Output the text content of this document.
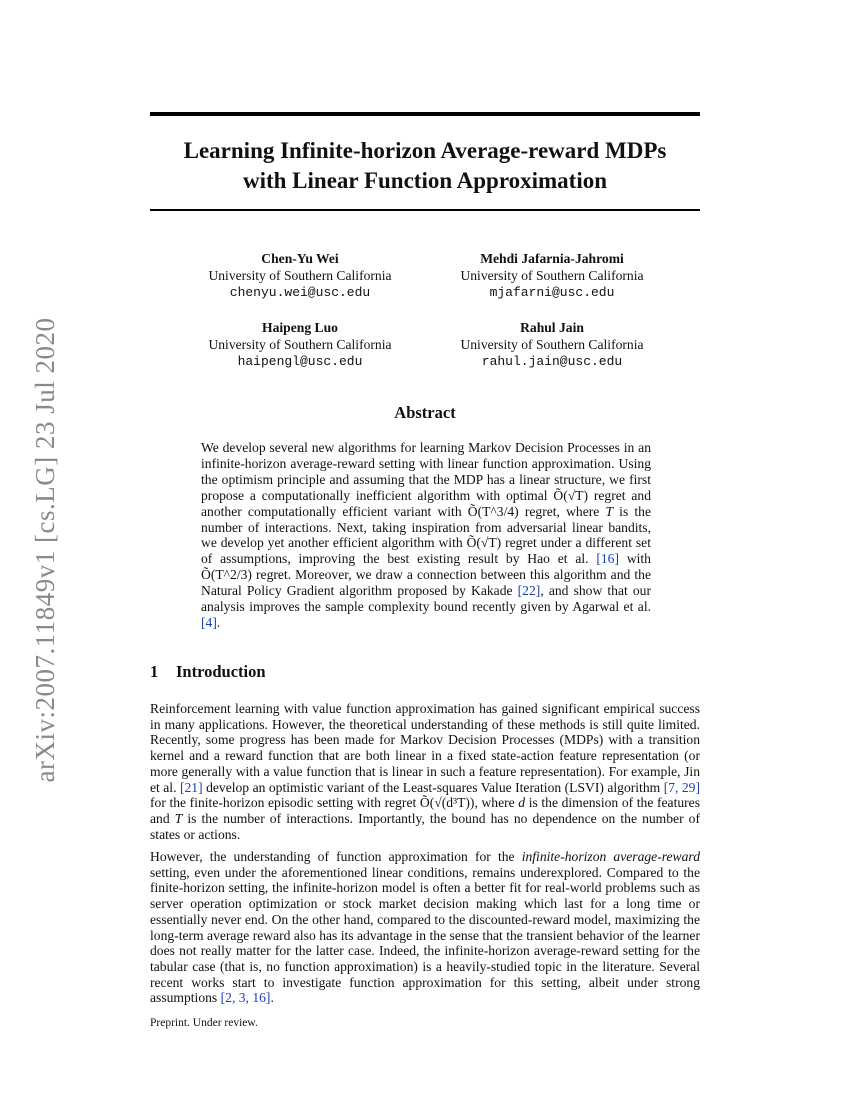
arXiv:2007.11849v1 [cs.LG] 23 Jul 2020
Learning Infinite-horizon Average-reward MDPs
with Linear Function Approximation
Chen-Yu Wei
University of Southern California
chenyu.wei@usc.edu
Mehdi Jafarnia-Jahromi
University of Southern California
mjafarni@usc.edu
Haipeng Luo
University of Southern California
haipengl@usc.edu
Rahul Jain
University of Southern California
rahul.jain@usc.edu
Abstract
We develop several new algorithms for learning Markov Decision Processes in an infinite-horizon average-reward setting with linear function approximation. Using the optimism principle and assuming that the MDP has a linear structure, we first propose a computationally inefficient algorithm with optimal Õ(√T) regret and another computationally efficient variant with Õ(T^3/4) regret, where T is the number of interactions. Next, taking inspiration from adversarial linear bandits, we develop yet another efficient algorithm with Õ(√T) regret under a different set of assumptions, improving the best existing result by Hao et al. [16] with Õ(T^2/3) regret. Moreover, we draw a connection between this algorithm and the Natural Policy Gradient algorithm proposed by Kakade [22], and show that our analysis improves the sample complexity bound recently given by Agarwal et al. [4].
1 Introduction
Reinforcement learning with value function approximation has gained significant empirical success in many applications. However, the theoretical understanding of these methods is still quite limited. Recently, some progress has been made for Markov Decision Processes (MDPs) with a transition kernel and a reward function that are both linear in a fixed state-action feature representation (or more generally with a value function that is linear in such a feature representation). For example, Jin et al. [21] develop an optimistic variant of the Least-squares Value Iteration (LSVI) algorithm [7, 29] for the finite-horizon episodic setting with regret Õ(√(d³T)), where d is the dimension of the features and T is the number of interactions. Importantly, the bound has no dependence on the number of states or actions.
However, the understanding of function approximation for the infinite-horizon average-reward setting, even under the aforementioned linear conditions, remains underexplored. Compared to the finite-horizon setting, the infinite-horizon model is often a better fit for real-world problems such as server operation optimization or stock market decision making which last for a long time or essentially never end. On the other hand, compared to the discounted-reward model, maximizing the long-term average reward also has its advantage in the sense that the transient behavior of the learner does not really matter for the latter case. Indeed, the infinite-horizon average-reward setting for the tabular case (that is, no function approximation) is a heavily-studied topic in the literature. Several recent works start to investigate function approximation for this setting, albeit under strong assumptions [2, 3, 16].
Preprint. Under review.
